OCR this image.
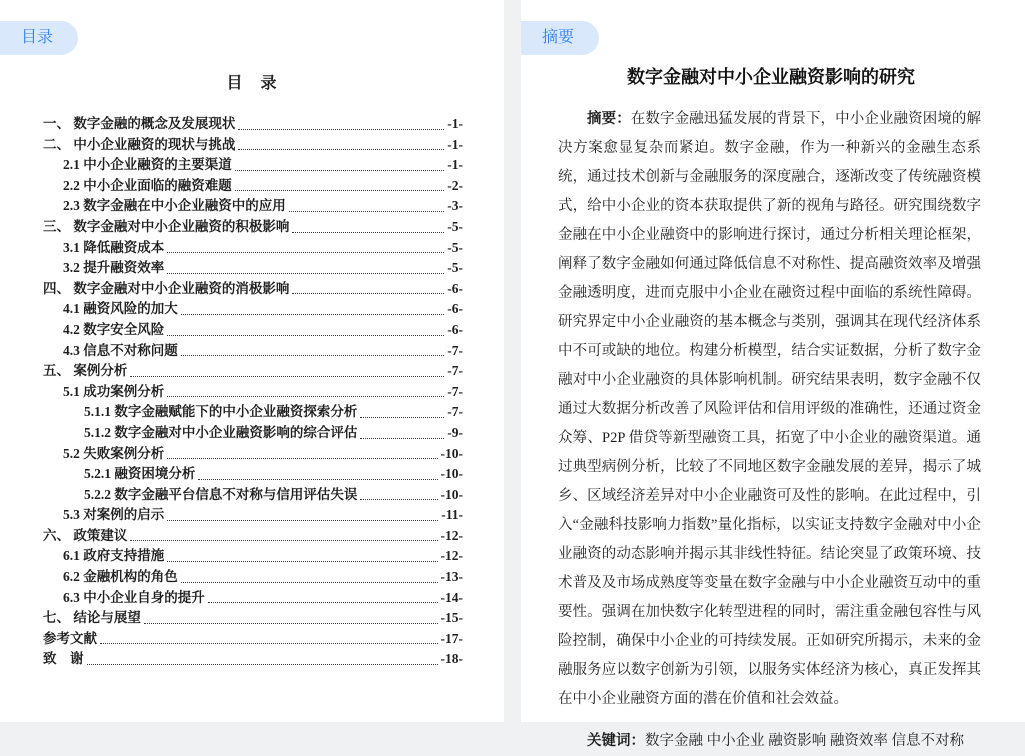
目录
目　录
一、 数字金融的概念及发展现状	-1-
二、 中小企业融资的现状与挑战	-1-
2.1 中小企业融资的主要渠道	-1-
2.2 中小企业面临的融资难题	-2-
2.3 数字金融在中小企业融资中的应用	-3-
三、 数字金融对中小企业融资的积极影响	-5-
3.1 降低融资成本	-5-
3.2 提升融资效率	-5-
四、 数字金融对中小企业融资的消极影响	-6-
4.1 融资风险的加大	-6-
4.2 数字安全风险	-6-
4.3 信息不对称问题	-7-
五、 案例分析	-7-
5.1 成功案例分析	-7-
5.1.1 数字金融赋能下的中小企业融资探索分析	-7-
5.1.2 数字金融对中小企业融资影响的综合评估	-9-
5.2 失败案例分析	-10-
5.2.1 融资困境分析	-10-
5.2.2 数字金融平台信息不对称与信用评估失误	-10-
5.3 对案例的启示	-11-
六、 政策建议	-12-
6.1 政府支持措施	-12-
6.2 金融机构的角色	-13-
6.3 中小企业自身的提升	-14-
七、 结论与展望	-15-
参考文献	-17-
致　谢	-18-
摘要
数字金融对中小企业融资影响的研究

摘要：在数字金融迅猛发展的背景下，中小企业融资困境的解决方案愈显复杂而紧迫。数字金融，作为一种新兴的金融生态系统，通过技术创新与金融服务的深度融合，逐渐改变了传统融资模式，给中小企业的资本获取提供了新的视角与路径。研究围绕数字金融在中小企业融资中的影响进行探讨，通过分析相关理论框架，阐释了数字金融如何通过降低信息不对称性、提高融资效率及增强金融透明度，进而克服中小企业在融资过程中面临的系统性障碍。研究界定中小企业融资的基本概念与类别，强调其在现代经济体系中不可或缺的地位。构建分析模型，结合实证数据，分析了数字金融对中小企业融资的具体影响机制。研究结果表明，数字金融不仅通过大数据分析改善了风险评估和信用评级的准确性，还通过资金众筹、P2P 借贷等新型融资工具，拓宽了中小企业的融资渠道。通过典型病例分析，比较了不同地区数字金融发展的差异，揭示了城乡、区域经济差异对中小企业融资可及性的影响。在此过程中，引入“金融科技影响力指数”量化指标，以实证支持数字金融对中小企业融资的动态影响并揭示其非线性特征。结论突显了政策环境、技术普及及市场成熟度等变量在数字金融与中小企业融资互动中的重要性。强调在加快数字化转型进程的同时，需注重金融包容性与风险控制，确保中小企业的可持续发展。正如研究所揭示，未来的金融服务应以数字创新为引领，以服务实体经济为核心，真正发挥其在中小企业融资方面的潜在价值和社会效益。

关键词：数字金融 中小企业 融资影响 融资效率 信息不对称
